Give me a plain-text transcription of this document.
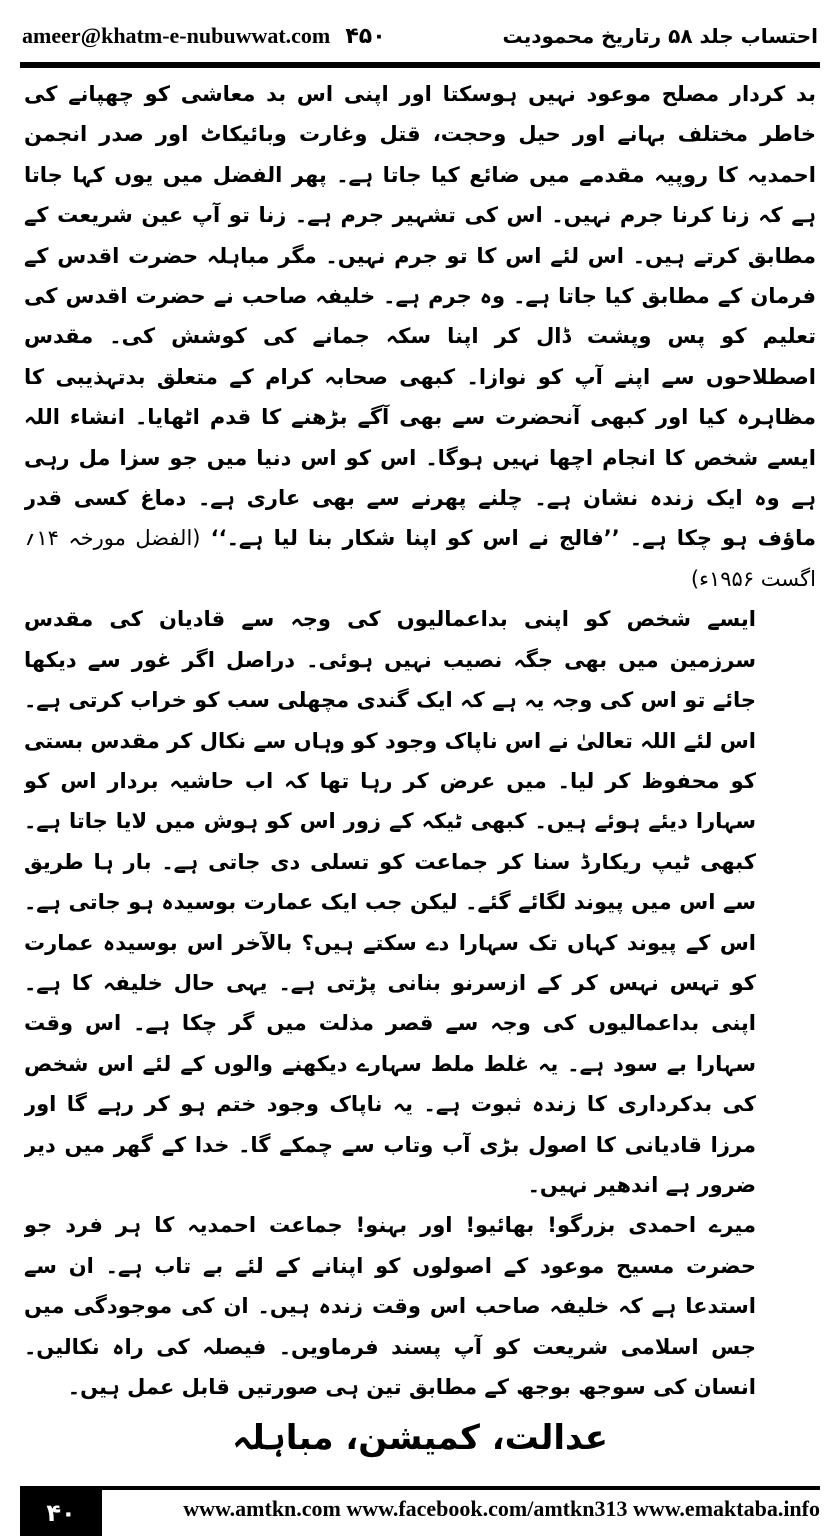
ameer@khatm-e-nubuwwat.com ۴۵۰	احتساب جلد ۵۸ رتاریخ محمودیت

بد کردار مصلح موعود نہیں ہوسکتا اور اپنی اس بد معاشی کو چھپانے کی خاطر مختلف بہانے اور حیل وحجت، قتل وغارت وبائیکاٹ اور صدر انجمن احمدیہ کا روپیہ مقدمے میں ضائع کیا جاتا ہے۔ پھر الفضل میں یوں کہا جاتا ہے کہ زنا کرنا جرم نہیں۔ اس کی تشہیر جرم ہے۔ زنا تو آپ عین شریعت کے مطابق کرتے ہیں۔ اس لئے اس کا تو جرم نہیں۔ مگر مباہلہ حضرت اقدس کے فرمان کے مطابق کیا جاتا ہے۔ وہ جرم ہے۔ خلیفہ صاحب نے حضرت اقدس کی تعلیم کو پس وپشت ڈال کر اپنا سکہ جمانے کی کوشش کی۔ مقدس اصطلاحوں سے اپنے آپ کو نوازا۔ کبھی صحابہ کرام کے متعلق بدتہذیبی کا مظاہرہ کیا اور کبھی آنحضرت سے بھی آگے بڑھنے کا قدم اٹھایا۔ انشاء اللہ ایسے شخص کا انجام اچھا نہیں ہوگا۔ اس کو اس دنیا میں جو سزا مل رہی ہے وہ ایک زندہ نشان ہے۔ چلنے پھرنے سے بھی عاری ہے۔ دماغ کسی قدر ماؤف ہو چکا ہے۔ ’’فالج نے اس کو اپنا شکار بنا لیا ہے۔‘‘ (الفضل مورخہ ۱۴؍ اگست ۱۹۵۶ء)

ایسے شخص کو اپنی بداعمالیوں کی وجہ سے قادیان کی مقدس سرزمین میں بھی جگہ نصیب نہیں ہوئی۔ دراصل اگر غور سے دیکھا جائے تو اس کی وجہ یہ ہے کہ ایک گندی مچھلی سب کو خراب کرتی ہے۔ اس لئے اللہ تعالیٰ نے اس ناپاک وجود کو وہاں سے نکال کر مقدس بستی کو محفوظ کر لیا۔ میں عرض کر رہا تھا کہ اب حاشیہ بردار اس کو سہارا دیئے ہوئے ہیں۔ کبھی ٹیکہ کے زور اس کو ہوش میں لایا جاتا ہے۔ کبھی ٹیپ ریکارڈ سنا کر جماعت کو تسلی دی جاتی ہے۔ بار ہا طریق سے اس میں پیوند لگائے گئے۔ لیکن جب ایک عمارت بوسیدہ ہو جاتی ہے۔ اس کے پیوند کہاں تک سہارا دے سکتے ہیں؟ بالآخر اس بوسیدہ عمارت کو تہس نہس کر کے ازسرنو بنانی پڑتی ہے۔ یہی حال خلیفہ کا ہے۔ اپنی بداعمالیوں کی وجہ سے قصر مذلت میں گر چکا ہے۔ اس وقت سہارا بے سود ہے۔ یہ غلط ملط سہارے دیکھنے والوں کے لئے اس شخص کی بدکرداری کا زندہ ثبوت ہے۔ یہ ناپاک وجود ختم ہو کر رہے گا اور مرزا قادیانی کا اصول بڑی آب وتاب سے چمکے گا۔ خدا کے گھر میں دیر ضرور ہے اندھیر نہیں۔

میرے احمدی بزرگو! بھائیو! اور بہنو! جماعت احمدیہ کا ہر فرد جو حضرت مسیح موعود کے اصولوں کو اپنانے کے لئے بے تاب ہے۔ ان سے استدعا ہے کہ خلیفہ صاحب اس وقت زندہ ہیں۔ ان کی موجودگی میں جس اسلامی شریعت کو آپ پسند فرماویں۔ فیصلہ کی راہ نکالیں۔ انسان کی سوجھ بوجھ کے مطابق تین ہی صورتیں قابل عمل ہیں۔

عدالت، کمیشن، مباہلہ

۴۰	www.amtkn.com www.facebook.com/amtkn313 www.emaktaba.info
